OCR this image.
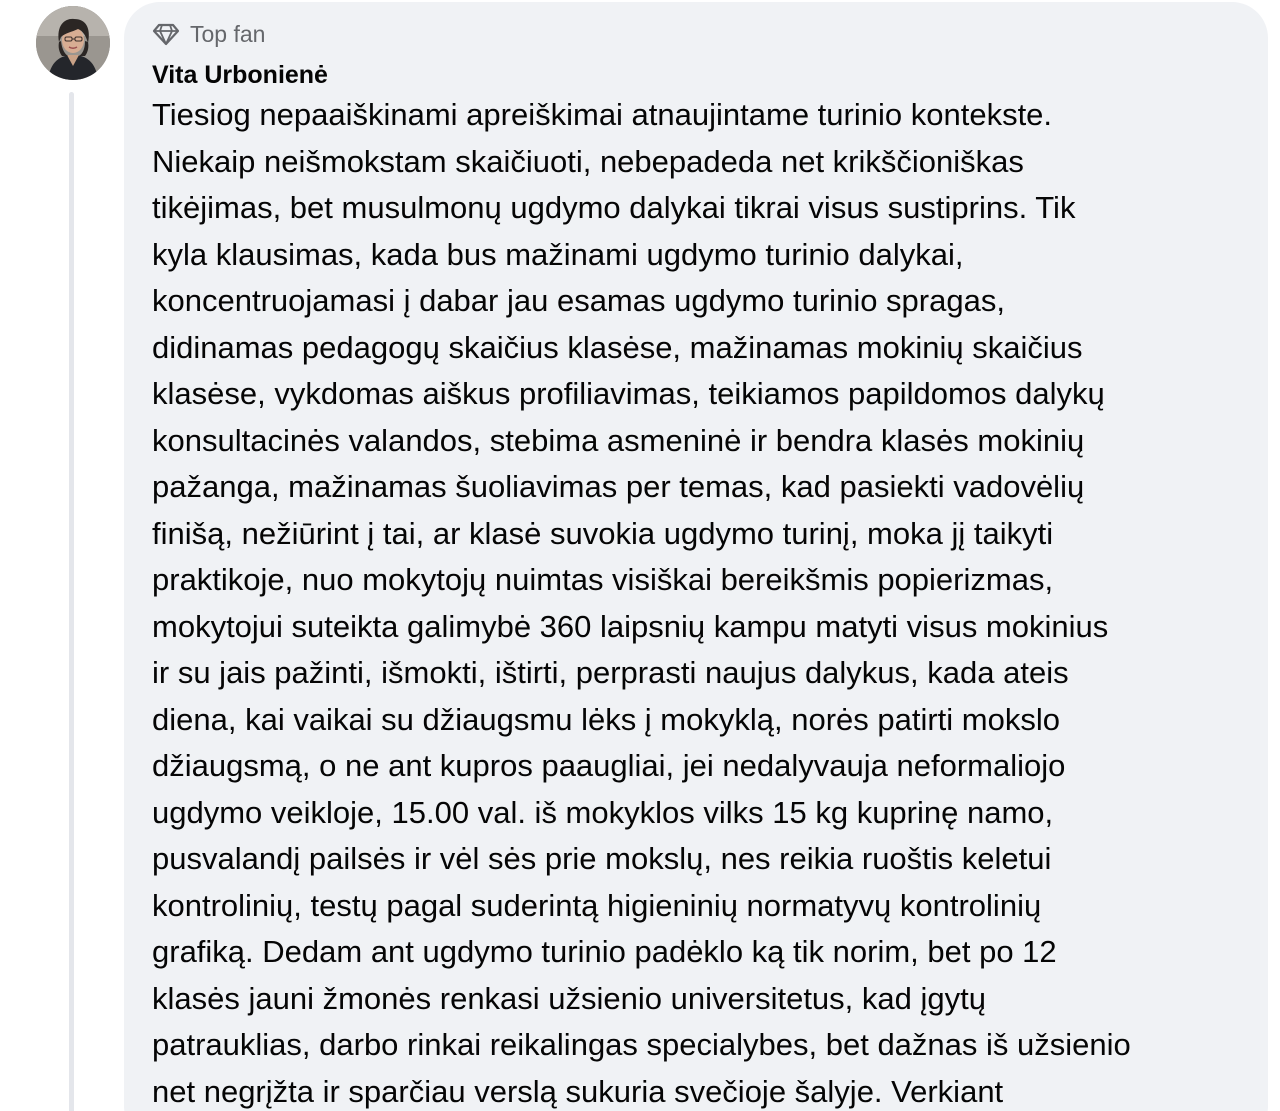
Top fan
Vita Urbonienė
Tiesiog nepaaiškinami apreiškimai atnaujintame turinio kontekste.
Niekaip neišmokstam skaičiuoti, nebepadeda net krikščioniškas
tikėjimas, bet musulmonų ugdymo dalykai tikrai visus sustiprins. Tik
kyla klausimas, kada bus mažinami ugdymo turinio dalykai,
koncentruojamasi į dabar jau esamas ugdymo turinio spragas,
didinamas pedagogų skaičius klasėse, mažinamas mokinių skaičius
klasėse, vykdomas aiškus profiliavimas, teikiamos papildomos dalykų
konsultacinės valandos, stebima asmeninė ir bendra klasės mokinių
pažanga, mažinamas šuoliavimas per temas, kad pasiekti vadovėlių
finišą, nežiūrint į tai, ar klasė suvokia ugdymo turinį, moka jį taikyti
praktikoje, nuo mokytojų nuimtas visiškai bereikšmis popierizmas,
mokytojui suteikta galimybė 360 laipsnių kampu matyti visus mokinius
ir su jais pažinti, išmokti, ištirti, perprasti naujus dalykus, kada ateis
diena, kai vaikai su džiaugsmu lėks į mokyklą, norės patirti mokslo
džiaugsmą, o ne ant kupros paaugliai, jei nedalyvauja neformaliojo
ugdymo veikloje, 15.00 val. iš mokyklos vilks 15 kg kuprinę namo,
pusvalandį pailsės ir vėl sės prie mokslų, nes reikia ruoštis keletui
kontrolinių, testų pagal suderintą higieninių normatyvų kontrolinių
grafiką. Dedam ant ugdymo turinio padėklo ką tik norim, bet po 12
klasės jauni žmonės renkasi užsienio universitetus, kad įgytų
patrauklias, darbo rinkai reikalingas specialybes, bet dažnas iš užsienio
net negrįžta ir sparčiau verslą sukuria svečioje šalyje. Verkiant
